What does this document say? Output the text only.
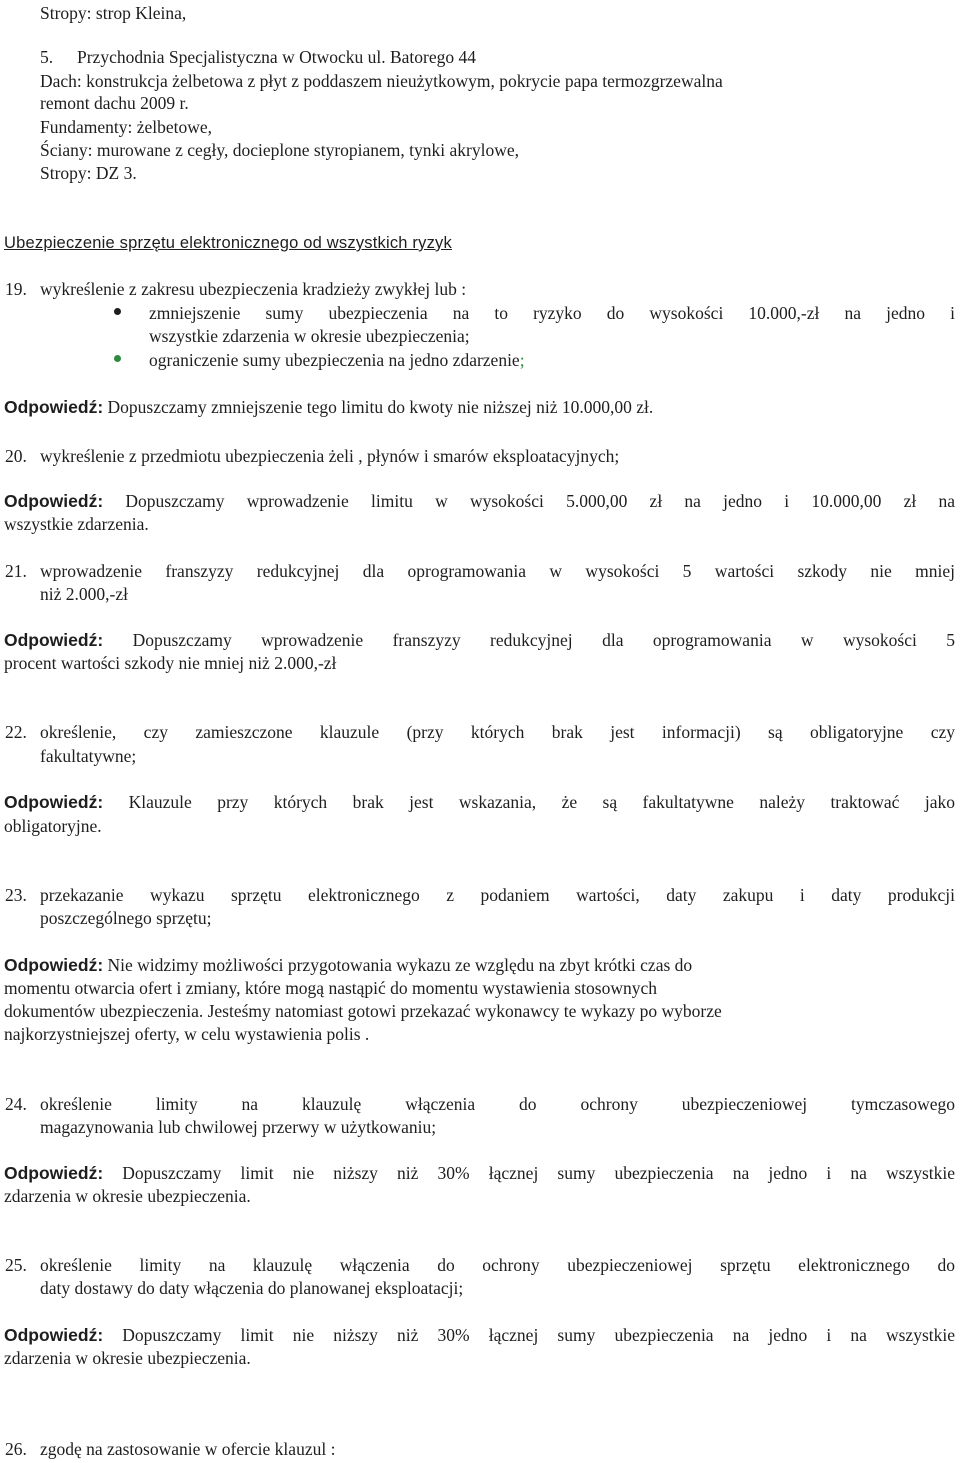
Stropy: strop Kleina,
5. Przychodnia Specjalistyczna w Otwocku ul. Batorego 44
Dach: konstrukcja żelbetowa z płyt z poddaszem nieużytkowym, pokrycie papa termozgrzewalna
remont dachu 2009 r.
Fundamenty: żelbetowe,
Ściany: murowane z cegły, docieplone styropianem, tynki akrylowe,
Stropy: DZ 3.
Ubezpieczenie sprzętu elektronicznego od wszystkich ryzyk
19. wykreślenie z zakresu ubezpieczenia kradzieży zwykłej lub :
zmniejszenie sumy ubezpieczenia na to ryzyko do wysokości 10.000,-zł na jedno i
wszystkie zdarzenia w okresie ubezpieczenia;
ograniczenie sumy ubezpieczenia na jedno zdarzenie;
Odpowiedź: Dopuszczamy zmniejszenie tego limitu do kwoty nie niższej niż 10.000,00 zł.
20. wykreślenie z przedmiotu ubezpieczenia żeli , płynów i smarów eksploatacyjnych;
Odpowiedź: Dopuszczamy wprowadzenie limitu w wysokości 5.000,00 zł na jedno i 10.000,00 zł na
wszystkie zdarzenia.
21. wprowadzenie franszyzy redukcyjnej dla oprogramowania w wysokości 5 wartości szkody nie mniej
niż 2.000,-zł
Odpowiedź: Dopuszczamy wprowadzenie franszyzy redukcyjnej dla oprogramowania w wysokości 5
procent wartości szkody nie mniej niż 2.000,-zł
22. określenie, czy zamieszczone klauzule (przy których brak jest informacji) są obligatoryjne czy
fakultatywne;
Odpowiedź: Klauzule przy których brak jest wskazania, że są fakultatywne należy traktować jako
obligatoryjne.
23. przekazanie wykazu sprzętu elektronicznego z podaniem wartości, daty zakupu i daty produkcji
poszczególnego sprzętu;
Odpowiedź: Nie widzimy możliwości przygotowania wykazu ze względu na zbyt krótki czas do
momentu otwarcia ofert i zmiany, które mogą nastąpić do momentu wystawienia stosownych
dokumentów ubezpieczenia. Jesteśmy natomiast gotowi przekazać wykonawcy te wykazy po wyborze
najkorzystniejszej oferty, w celu wystawienia polis .
24. określenie limity na klauzulę włączenia do ochrony ubezpieczeniowej tymczasowego
magazynowania lub chwilowej przerwy w użytkowaniu;
Odpowiedź: Dopuszczamy limit nie niższy niż 30% łącznej sumy ubezpieczenia na jedno i na wszystkie
zdarzenia w okresie ubezpieczenia.
25. określenie limity na klauzulę włączenia do ochrony ubezpieczeniowej sprzętu elektronicznego do
daty dostawy do daty włączenia do planowanej eksploatacji;
Odpowiedź: Dopuszczamy limit nie niższy niż 30% łącznej sumy ubezpieczenia na jedno i na wszystkie
zdarzenia w okresie ubezpieczenia.
26. zgodę na zastosowanie w ofercie klauzul :
